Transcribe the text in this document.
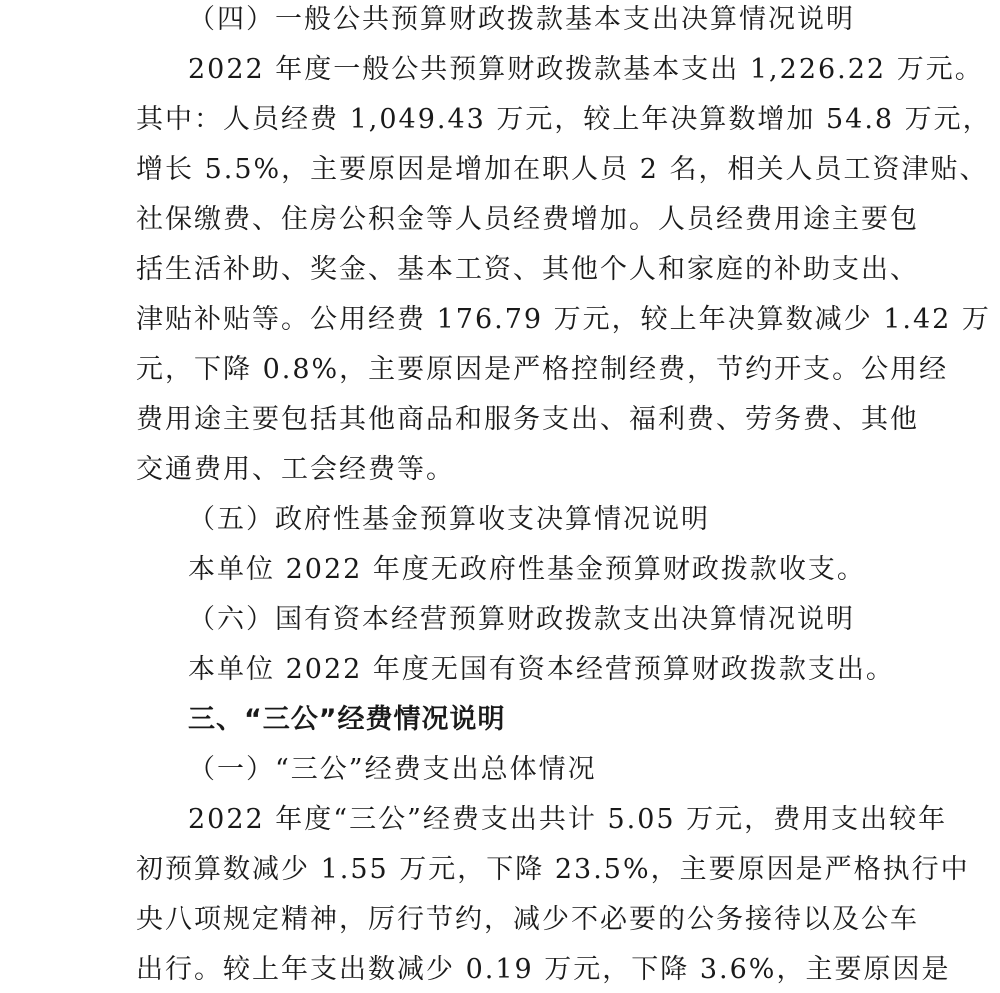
（四）一般公共预算财政拨款基本支出决算情况说明
2022 年度一般公共预算财政拨款基本支出 1,226.22 万元。
其中：人员经费 1,049.43 万元，较上年决算数增加 54.8 万元，
增长 5.5%，主要原因是增加在职人员 2 名，相关人员工资津贴、
社保缴费、住房公积金等人员经费增加。人员经费用途主要包
括生活补助、奖金、基本工资、其他个人和家庭的补助支出、
津贴补贴等。公用经费 176.79 万元，较上年决算数减少 1.42 万
元，下降 0.8%，主要原因是严格控制经费，节约开支。公用经
费用途主要包括其他商品和服务支出、福利费、劳务费、其他
交通费用、工会经费等。
（五）政府性基金预算收支决算情况说明
本单位 2022 年度无政府性基金预算财政拨款收支。
（六）国有资本经营预算财政拨款支出决算情况说明
本单位 2022 年度无国有资本经营预算财政拨款支出。
三、“三公”经费情况说明
（一）“三公”经费支出总体情况
2022 年度“三公”经费支出共计 5.05 万元，费用支出较年
初预算数减少 1.55 万元，下降 23.5%，主要原因是严格执行中
央八项规定精神，厉行节约，减少不必要的公务接待以及公车
出行。较上年支出数减少 0.19 万元，下降 3.6%，主要原因是
